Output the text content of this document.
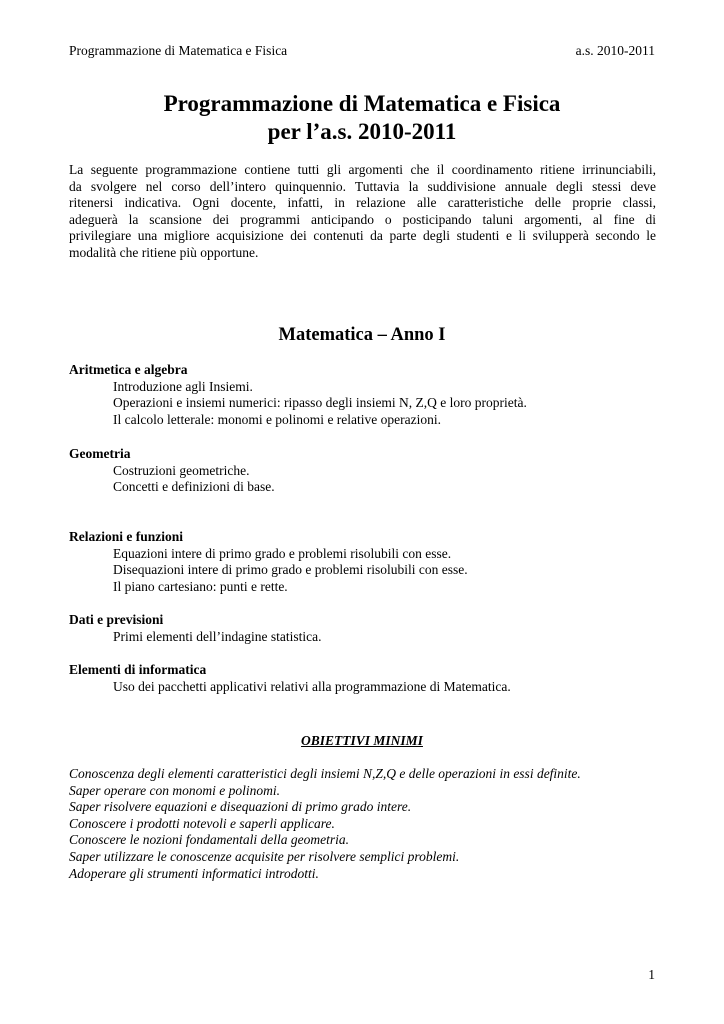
Programmazione di Matematica e Fisica	a.s. 2010-2011
Programmazione di Matematica e Fisica
per l’a.s. 2010-2011
La seguente programmazione contiene tutti gli argomenti che il coordinamento ritiene irrinunciabili,
da svolgere nel corso dell’intero quinquennio. Tuttavia la suddivisione annuale degli stessi deve
ritenersi indicativa. Ogni docente, infatti, in relazione alle caratteristiche delle proprie classi,
adeguerà la scansione dei programmi anticipando o posticipando taluni argomenti, al fine di
privilegiare una migliore acquisizione dei contenuti da parte degli studenti e li svilupperà secondo le
modalità che ritiene più opportune.
Matematica – Anno I
Aritmetica e algebra
Introduzione agli Insiemi.
Operazioni e insiemi numerici: ripasso degli insiemi N, Z,Q e loro proprietà.
Il calcolo letterale: monomi e polinomi e relative operazioni.
Geometria
Costruzioni geometriche.
Concetti e definizioni di base.
Relazioni e funzioni
Equazioni intere di primo grado e problemi risolubili con esse.
Disequazioni intere di primo grado e problemi risolubili con esse.
Il piano cartesiano: punti e rette.
Dati e previsioni
Primi elementi dell’indagine statistica.
Elementi di informatica
Uso dei pacchetti applicativi relativi alla programmazione di Matematica.
OBIETTIVI MINIMI
Conoscenza degli elementi caratteristici degli insiemi N,Z,Q e delle operazioni in essi definite.
Saper operare con monomi e polinomi.
Saper risolvere equazioni e disequazioni di primo grado intere.
Conoscere i prodotti notevoli e saperli applicare.
Conoscere le nozioni fondamentali della geometria.
Saper utilizzare le conoscenze acquisite per risolvere semplici problemi.
Adoperare gli strumenti informatici introdotti.
1
